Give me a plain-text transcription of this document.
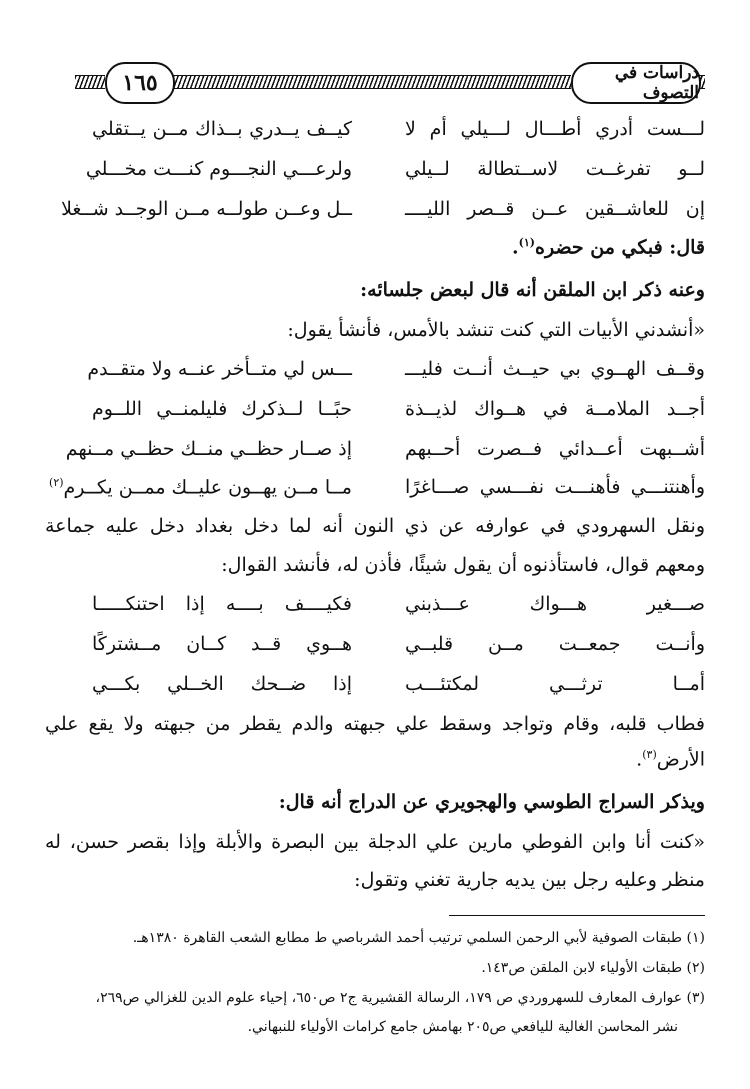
١٦٥	دراسات في التصوف
لـــست أدري أطـــال لـــيلي أم لا
كيــف يــدري بــذاك مــن يــتقلي
لــو تفرغــت لاســتطالة لــيلي
ولرعـــي النجـــوم كنـــت مخـــلي
إن للعاشــقين عــن قــصر الليــــ
ــل وعــن طولــه مــن الوجــد شــغلا
قال: فبكي من حضره$^{(١)}$.
وعنه ذكر ابن الملقن أنه قال لبعض جلسائه:
«أنشدني الأبيات التي كنت تنشد بالأمس، فأنشأ يقول:
وقــف الهــوي بي حيــث أنــت فليـــ
ـــس لي متــأخر عنــه ولا متقــدم
أجــد الملامــة في هــواك لذيــذة
حبًــا لــذكرك فليلمنــي اللــوم
أشــبهت أعــدائي فــصرت أحــبهم
إذ صــار حظــي منــك حظــي مــنهم
وأهنتنـــي فأهنـــت نفـــسي صـــاغرًا
مــا مــن يهــون عليــك ممــن يكــرم$^{(٢)}$
ونقل السهرودي في عوارفه عن ذي النون أنه لما دخل بغداد دخل عليه جماعة
ومعهم قوال، فاستأذنوه أن يقول شيئًا، فأذن له، فأنشد القوال:
صـــغير هـــواك عـــذبني
فكيــــف بــــه إذا احتنكـــــا
وأنــت جمعــت مــن قلبــي
هــوي قــد كــان مــشتركًا
أمــا ترثـــي لمكتئـــب
إذا ضــحك الخــلي بكـــي
فطاب قلبه، وقام وتواجد وسقط علي جبهته والدم يقطر من جبهته ولا يقع علي
الأرض$^{(٣)}$.
ويذكر السراج الطوسي والهجويري عن الدراج أنه قال:
«كنت أنا وابن الفوطي مارين علي الدجلة بين البصرة والأبلة وإذا بقصر حسن، له
منظر وعليه رجل بين يديه جارية تغني وتقول:
(١) طبقات الصوفية لأبي الرحمن السلمي ترتيب أحمد الشرباصي ط مطابع الشعب القاهرة ١٣٨٠هـ.
(٢) طبقات الأولياء لابن الملقن ص١٤٣.
(٣) عوارف المعارف للسهروردي ص ١٧٩، الرسالة القشيرية ج٢ ص٦٥٠، إحياء علوم الدين للغزالي ص٢٦٩،
نشر المحاسن الغالية لليافعي ص٢٠٥ بهامش جامع كرامات الأولياء للنبهاني.
